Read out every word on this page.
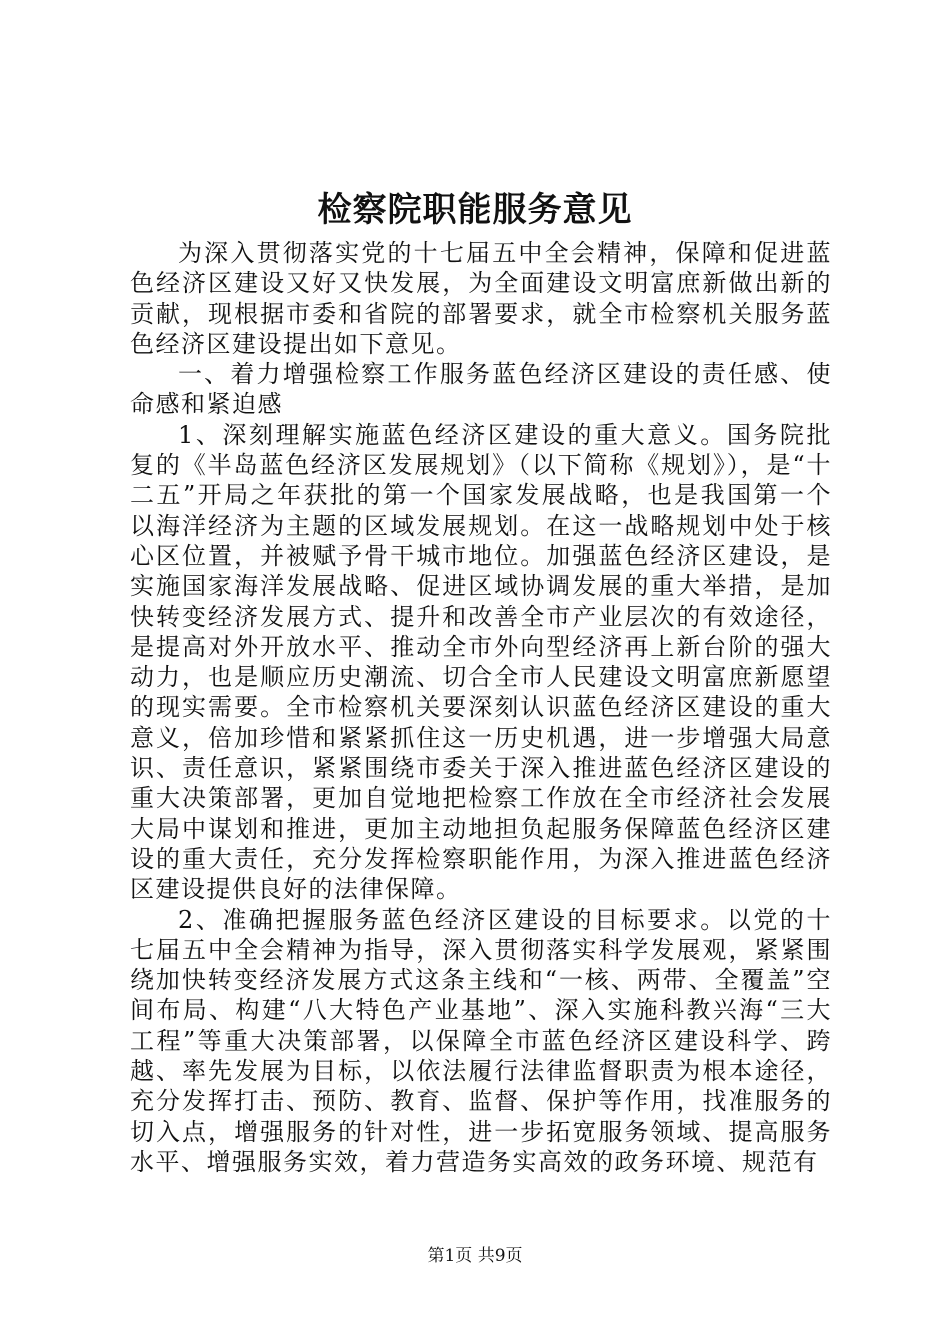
检察院职能服务意见

为深入贯彻落实党的十七届五中全会精神，保障和促进蓝色经济区建设又好又快发展，为全面建设文明富庶新做出新的贡献，现根据市委和省院的部署要求，就全市检察机关服务蓝色经济区建设提出如下意见。

一、着力增强检察工作服务蓝色经济区建设的责任感、使命感和紧迫感

1、深刻理解实施蓝色经济区建设的重大意义。国务院批复的《半岛蓝色经济区发展规划》（以下简称《规划》），是“十二五”开局之年获批的第一个国家发展战略，也是我国第一个以海洋经济为主题的区域发展规划。在这一战略规划中处于核心区位置，并被赋予骨干城市地位。加强蓝色经济区建设，是实施国家海洋发展战略、促进区域协调发展的重大举措，是加快转变经济发展方式、提升和改善全市产业层次的有效途径，是提高对外开放水平、推动全市外向型经济再上新台阶的强大动力，也是顺应历史潮流、切合全市人民建设文明富庶新愿望的现实需要。全市检察机关要深刻认识蓝色经济区建设的重大意义，倍加珍惜和紧紧抓住这一历史机遇，进一步增强大局意识、责任意识，紧紧围绕市委关于深入推进蓝色经济区建设的重大决策部署，更加自觉地把检察工作放在全市经济社会发展大局中谋划和推进，更加主动地担负起服务保障蓝色经济区建设的重大责任，充分发挥检察职能作用，为深入推进蓝色经济区建设提供良好的法律保障。

2、准确把握服务蓝色经济区建设的目标要求。以党的十七届五中全会精神为指导，深入贯彻落实科学发展观，紧紧围绕加快转变经济发展方式这条主线和“一核、两带、全覆盖”空间布局、构建“八大特色产业基地”、深入实施科教兴海“三大工程”等重大决策部署，以保障全市蓝色经济区建设科学、跨越、率先发展为目标，以依法履行法律监督职责为根本途径，充分发挥打击、预防、教育、监督、保护等作用，找准服务的切入点，增强服务的针对性，进一步拓宽服务领域、提高服务水平、增强服务实效，着力营造务实高效的政务环境、规范有

第1页 共9页
